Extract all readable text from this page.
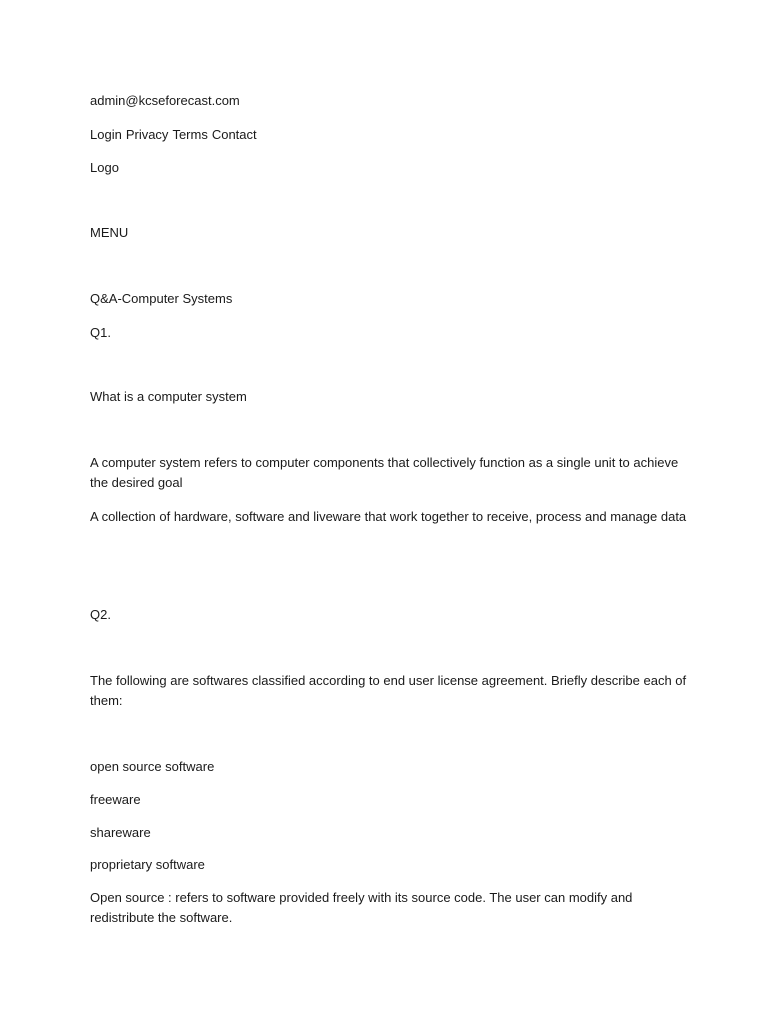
admin@kcseforecast.com

Login Privacy Terms Contact

Logo

MENU

Q&A-Computer Systems

Q1.

What is a computer system

A computer system refers to computer components that collectively function as a single unit to achieve the desired goal

A collection of hardware, software and liveware that work together to receive, process and manage data

Q2.

The following are softwares classified according to end user license agreement. Briefly describe each of them:

open source software

freeware

shareware

proprietary software

Open source : refers to software provided freely with its source code. The user can modify and redistribute the software.
